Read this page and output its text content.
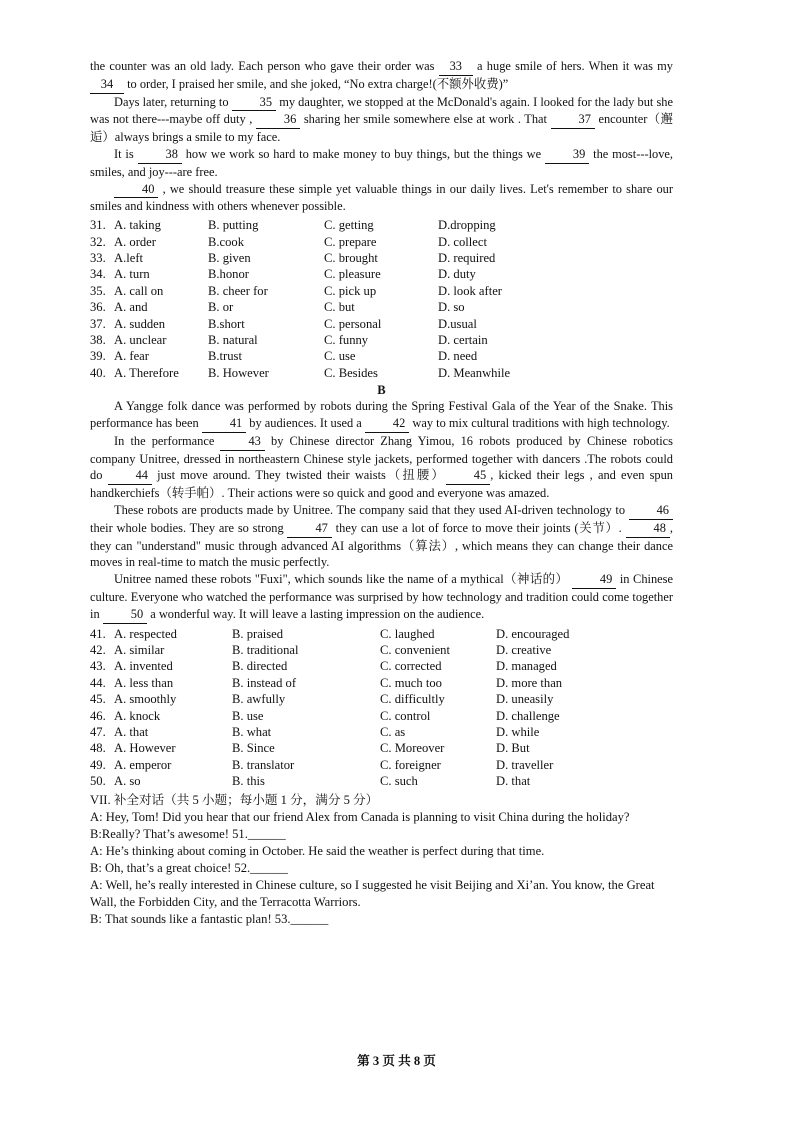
the counter was an old lady. Each person who gave their order was 33 a huge smile of hers. When it was my 34 to order, I praised her smile, and she joked, “No extra charge!(不额外收费)”

Days later, returning to 35 my daughter, we stopped at the McDonald's again. I looked for the lady but she was not there---maybe off duty , 36 sharing her smile somewhere else at work . That 37 encounter（邂逅）always brings a smile to my face.

It is 38 how we work so hard to make money to buy things, but the things we 39 the most---love, smiles, and joy---are free.

40 , we should treasure these simple yet valuable things in our daily lives. Let's remember to share our smiles and kindness with others whenever possible.

31. A. taking	B. putting	C. getting	D.dropping
32. A. order	B.cook	C. prepare	D. collect
33. A.left	B. given	C. brought	D. required
34. A. turn	B.honor	C. pleasure	D. duty
35. A. call on	B. cheer for	C. pick up	D. look after
36. A. and	B. or	C. but	D. so
37. A. sudden	B.short	C. personal	D.usual
38. A. unclear	B. natural	C. funny	D. certain
39. A. fear	B.trust	C. use	D. need
40. A. Therefore	B. However	C. Besides	D. Meanwhile

B

A Yangge folk dance was performed by robots during the Spring Festival Gala of the Year of the Snake. This performance has been 41 by audiences. It used a 42 way to mix cultural traditions with high technology.

In the performance 43 by Chinese director Zhang Yimou, 16 robots produced by Chinese robotics company Unitree, dressed in northeastern Chinese style jackets, performed together with dancers .The robots could do 44 just move around. They twisted their waists（扭腰） 45 , kicked their legs , and even spun handkerchiefs（转手帕）. Their actions were so quick and good and everyone was amazed.

These robots are products made by Unitree. The company said that they used AI-driven technology to 46 their whole bodies. They are so strong 47 they can use a lot of force to move their joints (关节）. 48 , they can "understand" music through advanced AI algorithms（算法）, which means they can change their dance moves in real-time to match the music perfectly.

Unitree named these robots "Fuxi", which sounds like the name of a mythical（神话的） 49 in Chinese culture. Everyone who watched the performance was surprised by how technology and tradition could come together in 50 a wonderful way. It will leave a lasting impression on the audience.

41. A. respected	B. praised	C. laughed	D. encouraged
42. A. similar	B. traditional	C. convenient	D. creative
43. A. invented	B. directed	C. corrected	D. managed
44. A. less than	B. instead of	C. much too	D. more than
45. A. smoothly	B. awfully	C. difficultly	D. uneasily
46. A. knock	B. use	C. control	D. challenge
47. A. that	B. what	C. as	D. while
48. A. However	B. Since	C. Moreover	D. But
49. A. emperor	B. translator	C. foreigner	D. traveller
50. A. so	B. this	C. such	D. that

VII. 补全对话（共 5 小题；每小题 1 分，满分 5 分）

A: Hey, Tom! Did you hear that our friend Alex from Canada is planning to visit China during the holiday?

B:Really? That’s awesome! 51.______

A: He’s thinking about coming in October. He said the weather is perfect during that time.

B: Oh, that’s a great choice! 52.______

A: Well, he’s really interested in Chinese culture, so I suggested he visit Beijing and Xi’an. You know, the Great Wall, the Forbidden City, and the Terracotta Warriors.

B: That sounds like a fantastic plan! 53.______

第 3 页 共 8 页
